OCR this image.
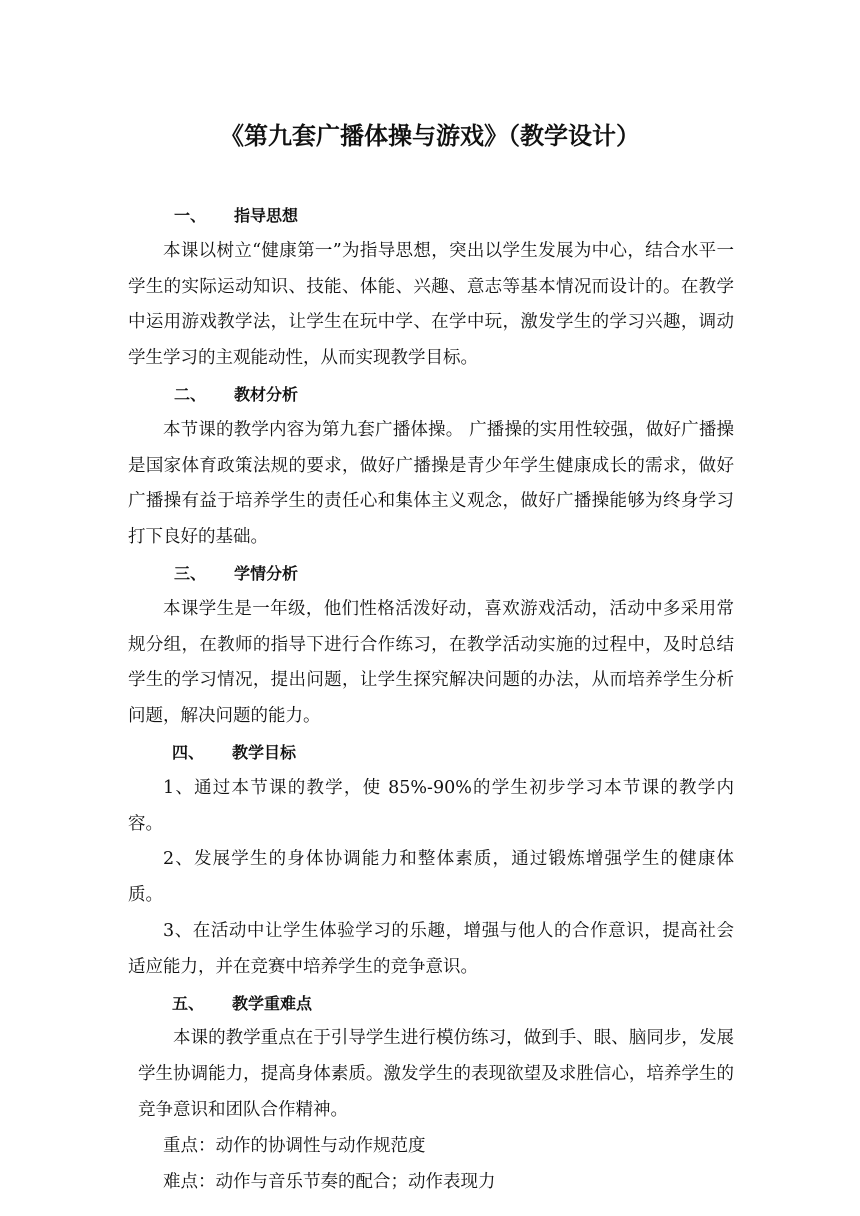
《第九套广播体操与游戏》（教学设计）
一、 指导思想

本课以树立“健康第一”为指导思想，突出以学生发展为中心，结合水平一学生的实际运动知识、技能、体能、兴趣、意志等基本情况而设计的。在教学中运用游戏教学法，让学生在玩中学、在学中玩，激发学生的学习兴趣，调动学生学习的主观能动性，从而实现教学目标。

二、 教材分析

本节课的教学内容为第九套广播体操。 广播操的实用性较强，做好广播操是国家体育政策法规的要求，做好广播操是青少年学生健康成长的需求，做好广播操有益于培养学生的责任心和集体主义观念，做好广播操能够为终身学习打下良好的基础。

三、 学情分析

本课学生是一年级，他们性格活泼好动，喜欢游戏活动，活动中多采用常规分组，在教师的指导下进行合作练习，在教学活动实施的过程中，及时总结学生的学习情况，提出问题，让学生探究解决问题的办法，从而培养学生分析问题，解决问题的能力。

四、 教学目标

1、通过本节课的教学，使 85%-90%的学生初步学习本节课的教学内容。

2、发展学生的身体协调能力和整体素质，通过锻炼增强学生的健康体质。

3、在活动中让学生体验学习的乐趣，增强与他人的合作意识，提高社会适应能力，并在竞赛中培养学生的竞争意识。

五、 教学重难点

本课的教学重点在于引导学生进行模仿练习，做到手、眼、脑同步，发展学生协调能力，提高身体素质。激发学生的表现欲望及求胜信心，培养学生的竞争意识和团队合作精神。

重点：动作的协调性与动作规范度

难点：动作与音乐节奏的配合；动作表现力
